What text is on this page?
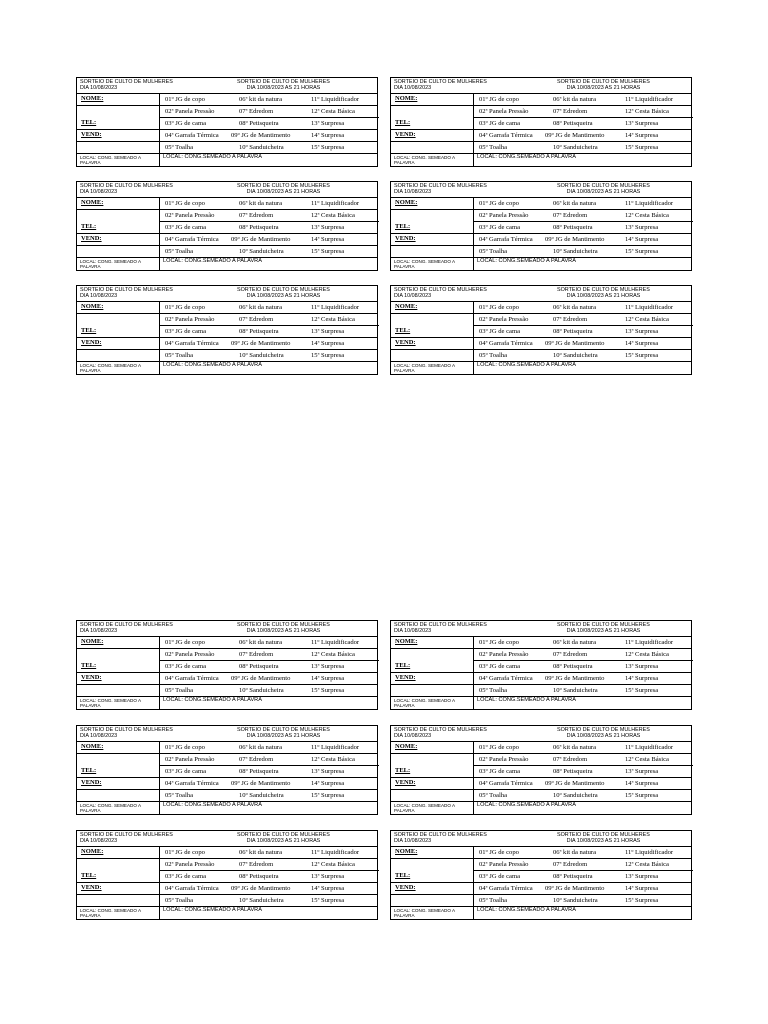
SORTEIO DE CULTO DE MULHERES
DIA 10/08/2023
SORTEIO DE CULTO DE MULHERES
DIA 10/08/2023 AS 21 HORAS
NOME:	01º JG de copo	06ª kit da natura	11º Liquidificador
02ª Panela Pressão	07ª Edredom	12ª Cesta Básica
TEL:	03º JG de cama	08º Petisqueira	13ª Surpresa
VEND:	04ª Garrafa Térmica 09º JG de Mantimento	14ª Surpresa
05º Toalha	10º Sanduicheira	15ª Surpresa
LOCAL: CONG. SEMEADO A
PALAVRA
LOCAL: CONG.SEMEADO A PALAVRA
SORTEIO DE CULTO DE MULHERES
DIA 10/08/2023
SORTEIO DE CULTO DE MULHERES
DIA 10/08/2023 AS 21 HORAS
NOME:	01º JG de copo	06ª kit da natura	11º Liquidificador
02ª Panela Pressão	07ª Edredom	12ª Cesta Básica
TEL:	03º JG de cama	08º Petisqueira	13ª Surpresa
VEND:	04ª Garrafa Térmica 09º JG de Mantimento	14ª Surpresa
05º Toalha	10º Sanduicheira	15ª Surpresa
LOCAL: CONG. SEMEADO A
PALAVRA
LOCAL: CONG.SEMEADO A PALAVRA
SORTEIO DE CULTO DE MULHERES
DIA 10/08/2023
SORTEIO DE CULTO DE MULHERES
DIA 10/08/2023 AS 21 HORAS
NOME:	01º JG de copo	06ª kit da natura	11º Liquidificador
02ª Panela Pressão	07ª Edredom	12ª Cesta Básica
TEL:	03º JG de cama	08º Petisqueira	13ª Surpresa
VEND:	04ª Garrafa Térmica 09º JG de Mantimento	14ª Surpresa
05º Toalha	10º Sanduicheira	15ª Surpresa
LOCAL: CONG. SEMEADO A
PALAVRA
LOCAL: CONG.SEMEADO A PALAVRA
SORTEIO DE CULTO DE MULHERES
DIA 10/08/2023
SORTEIO DE CULTO DE MULHERES
DIA 10/08/2023 AS 21 HORAS
NOME:	01º JG de copo	06ª kit da natura	11º Liquidificador
02ª Panela Pressão	07ª Edredom	12ª Cesta Básica
TEL:	03º JG de cama	08º Petisqueira	13ª Surpresa
VEND:	04ª Garrafa Térmica 09º JG de Mantimento	14ª Surpresa
05º Toalha	10º Sanduicheira	15ª Surpresa
LOCAL: CONG. SEMEADO A
PALAVRA
LOCAL: CONG.SEMEADO A PALAVRA
SORTEIO DE CULTO DE MULHERES
DIA 10/08/2023
SORTEIO DE CULTO DE MULHERES
DIA 10/08/2023 AS 21 HORAS
NOME:	01º JG de copo	06ª kit da natura	11º Liquidificador
02ª Panela Pressão	07ª Edredom	12ª Cesta Básica
TEL:	03º JG de cama	08º Petisqueira	13ª Surpresa
VEND:	04ª Garrafa Térmica 09º JG de Mantimento	14ª Surpresa
05º Toalha	10º Sanduicheira	15ª Surpresa
LOCAL: CONG. SEMEADO A
PALAVRA
LOCAL: CONG.SEMEADO A PALAVRA
SORTEIO DE CULTO DE MULHERES
DIA 10/08/2023
SORTEIO DE CULTO DE MULHERES
DIA 10/08/2023 AS 21 HORAS
NOME:	01º JG de copo	06ª kit da natura	11º Liquidificador
02ª Panela Pressão	07ª Edredom	12ª Cesta Básica
TEL:	03º JG de cama	08º Petisqueira	13ª Surpresa
VEND:	04ª Garrafa Térmica 09º JG de Mantimento	14ª Surpresa
05º Toalha	10º Sanduicheira	15ª Surpresa
LOCAL: CONG. SEMEADO A
PALAVRA
LOCAL: CONG.SEMEADO A PALAVRA
SORTEIO DE CULTO DE MULHERES
DIA 10/08/2023
SORTEIO DE CULTO DE MULHERES
DIA 10/08/2023 AS 21 HORAS
NOME:	01º JG de copo	06ª kit da natura	11º Liquidificador
02ª Panela Pressão	07ª Edredom	12ª Cesta Básica
TEL:	03º JG de cama	08º Petisqueira	13ª Surpresa
VEND:	04ª Garrafa Térmica 09º JG de Mantimento	14ª Surpresa
05º Toalha	10º Sanduicheira	15ª Surpresa
LOCAL: CONG. SEMEADO A
PALAVRA
LOCAL: CONG.SEMEADO A PALAVRA
SORTEIO DE CULTO DE MULHERES
DIA 10/08/2023
SORTEIO DE CULTO DE MULHERES
DIA 10/08/2023 AS 21 HORAS
NOME:	01º JG de copo	06ª kit da natura	11º Liquidificador
02ª Panela Pressão	07ª Edredom	12ª Cesta Básica
TEL:	03º JG de cama	08º Petisqueira	13ª Surpresa
VEND:	04ª Garrafa Térmica 09º JG de Mantimento	14ª Surpresa
05º Toalha	10º Sanduicheira	15ª Surpresa
LOCAL: CONG. SEMEADO A
PALAVRA
LOCAL: CONG.SEMEADO A PALAVRA
SORTEIO DE CULTO DE MULHERES
DIA 10/08/2023
SORTEIO DE CULTO DE MULHERES
DIA 10/08/2023 AS 21 HORAS
NOME:	01º JG de copo	06ª kit da natura	11º Liquidificador
02ª Panela Pressão	07ª Edredom	12ª Cesta Básica
TEL:	03º JG de cama	08º Petisqueira	13ª Surpresa
VEND:	04ª Garrafa Térmica 09º JG de Mantimento	14ª Surpresa
05º Toalha	10º Sanduicheira	15ª Surpresa
LOCAL: CONG. SEMEADO A
PALAVRA
LOCAL: CONG.SEMEADO A PALAVRA
SORTEIO DE CULTO DE MULHERES
DIA 10/08/2023
SORTEIO DE CULTO DE MULHERES
DIA 10/08/2023 AS 21 HORAS
NOME:	01º JG de copo	06ª kit da natura	11º Liquidificador
02ª Panela Pressão	07ª Edredom	12ª Cesta Básica
TEL:	03º JG de cama	08º Petisqueira	13ª Surpresa
VEND:	04ª Garrafa Térmica 09º JG de Mantimento	14ª Surpresa
05º Toalha	10º Sanduicheira	15ª Surpresa
LOCAL: CONG. SEMEADO A
PALAVRA
LOCAL: CONG.SEMEADO A PALAVRA
SORTEIO DE CULTO DE MULHERES
DIA 10/08/2023
SORTEIO DE CULTO DE MULHERES
DIA 10/08/2023 AS 21 HORAS
NOME:	01º JG de copo	06ª kit da natura	11º Liquidificador
02ª Panela Pressão	07ª Edredom	12ª Cesta Básica
TEL:	03º JG de cama	08º Petisqueira	13ª Surpresa
VEND:	04ª Garrafa Térmica 09º JG de Mantimento	14ª Surpresa
05º Toalha	10º Sanduicheira	15ª Surpresa
LOCAL: CONG. SEMEADO A
PALAVRA
LOCAL: CONG.SEMEADO A PALAVRA
SORTEIO DE CULTO DE MULHERES
DIA 10/08/2023
SORTEIO DE CULTO DE MULHERES
DIA 10/08/2023 AS 21 HORAS
NOME:	01º JG de copo	06ª kit da natura	11º Liquidificador
02ª Panela Pressão	07ª Edredom	12ª Cesta Básica
TEL:	03º JG de cama	08º Petisqueira	13ª Surpresa
VEND:	04ª Garrafa Térmica 09º JG de Mantimento	14ª Surpresa
05º Toalha	10º Sanduicheira	15ª Surpresa
LOCAL: CONG. SEMEADO A
PALAVRA
LOCAL: CONG.SEMEADO A PALAVRA
